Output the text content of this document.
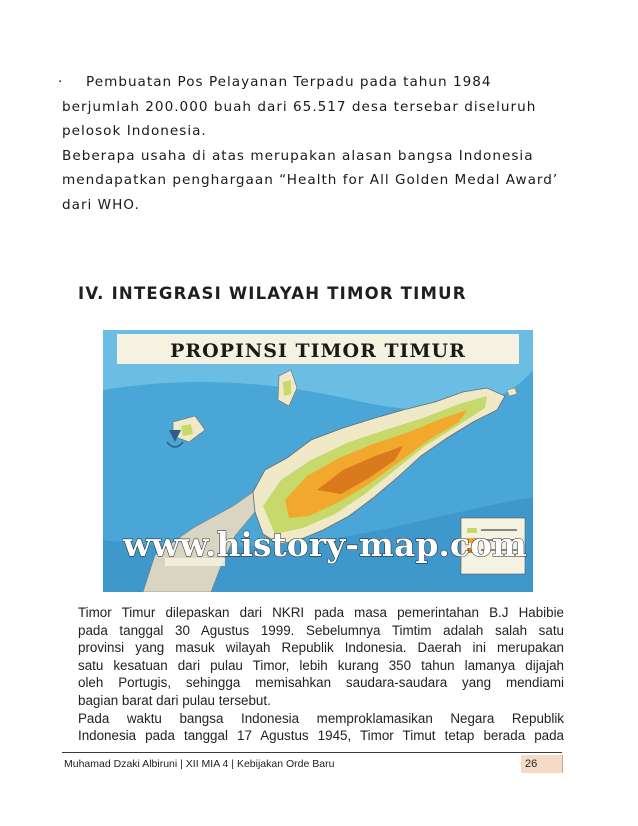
·	Pembuatan Pos Pelayanan Terpadu pada tahun 1984
berjumlah 200.000 buah dari 65.517 desa tersebar diseluruh
pelosok Indonesia.
Beberapa usaha di atas merupakan alasan bangsa Indonesia
mendapatkan penghargaan “Health for All Golden Medal Award’
dari WHO.
IV. INTEGRASI WILAYAH TIMOR TIMUR
PROPINSI TIMOR TIMUR
www.history-map.com
Timor Timur dilepaskan dari NKRI pada masa pemerintahan B.J Habibie
pada tanggal 30 Agustus 1999. Sebelumnya Timtim adalah salah satu
provinsi yang masuk wilayah Republik Indonesia. Daerah ini merupakan
satu kesatuan dari pulau Timor, lebih kurang 350 tahun lamanya dijajah
oleh Portugis, sehingga memisahkan saudara-saudara yang mendiami
bagian barat dari pulau tersebut.
Pada waktu bangsa Indonesia memproklamasikan Negara Republik
Indonesia pada tanggal 17 Agustus 1945, Timor Timut tetap berada pada
Muhamad Dzaki Albiruni | XII MIA 4 | Kebijakan Orde Baru	26
